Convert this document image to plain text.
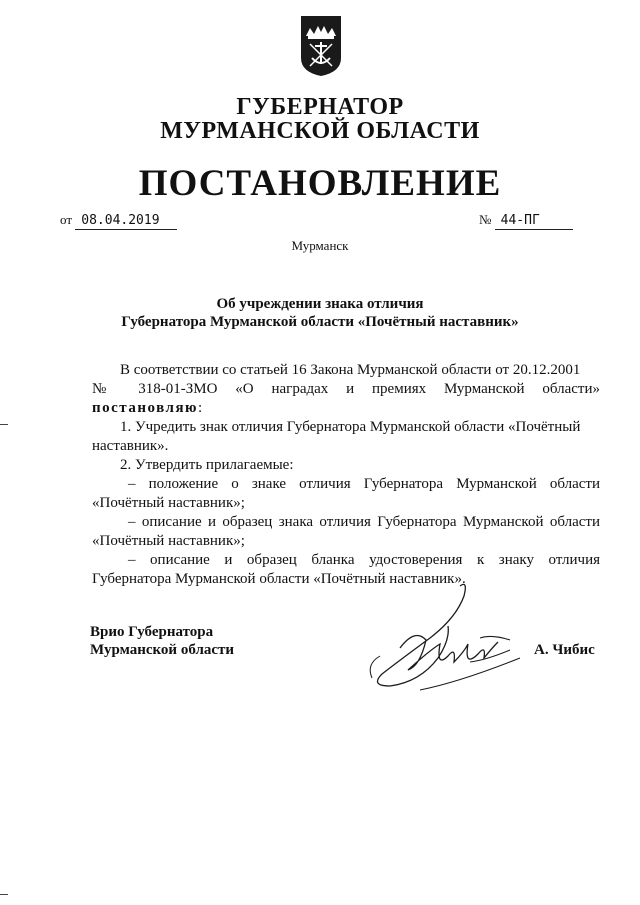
ГУБЕРНАТОР
МУРМАНСКОЙ ОБЛАСТИ
ПОСТАНОВЛЕНИЕ
от 08.04.2019	№ 44-ПГ
Мурманск
Об учреждении знака отличия
Губернатора Мурманской области «Почётный наставник»
В соответствии со статьей 16 Закона Мурманской области от 20.12.2001
№ 318-01-ЗМО «О наградах и премиях Мурманской области»
постановляю:
1. Учредить знак отличия Губернатора Мурманской области «Почётный
наставник».
2. Утвердить прилагаемые:
– положение о знаке отличия Губернатора Мурманской области
«Почётный наставник»;
– описание и образец знака отличия Губернатора Мурманской области
«Почётный наставник»;
– описание и образец бланка удостоверения к знаку отличия
Губернатора Мурманской области «Почётный наставник».
Врио Губернатора
Мурманской области	А. Чибис
